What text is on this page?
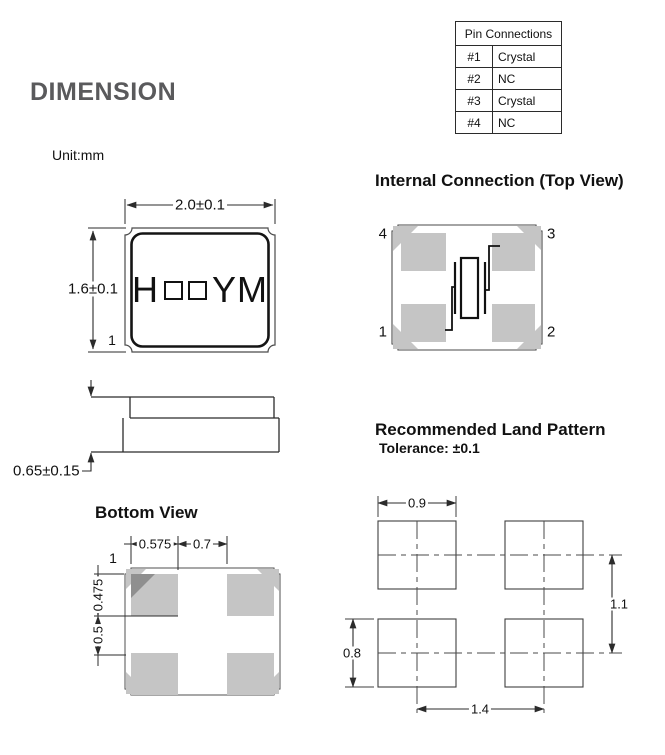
DIMENSION
Unit:mm
Internal Connection (Top View)
Recommended Land Pattern
Tolerance: ±0.1
Bottom View
Pin Connections	
#1	Crystal
#2	NC
#3	Crystal
#4	NC
2.0±0.1
1.6±0.1
1
H YM
0.65±0.15
4	3
1	2
1
0.575 0.7
0.475
0.5
0.9
1.1
0.8
1.4
